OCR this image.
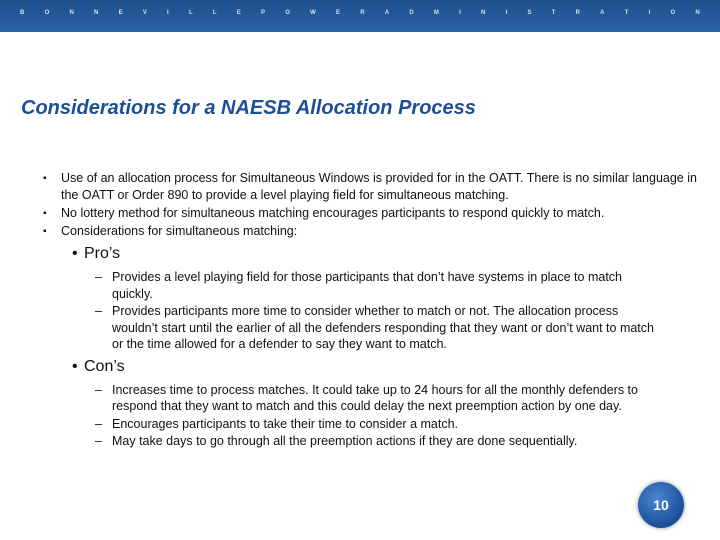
B	O	N	N	E	V	I	L	L	E	P	O	W	E	R	A	D	M	I	N	I	S	T	R	A	T	I	O	N
Considerations for a NAESB Allocation Process
▪ Use of an allocation process for Simultaneous Windows is provided for in the OATT. There is no similar language in the OATT or Order 890 to provide a level playing field for simultaneous matching.
▪ No lottery method for simultaneous matching encourages participants to respond quickly to match.
▪ Considerations for simultaneous matching:
• Pro’s
– Provides a level playing field for those participants that don’t have systems in place to match quickly.
– Provides participants more time to consider whether to match or not. The allocation process wouldn’t start until the earlier of all the defenders responding that they want or don’t want to match or the time allowed for a defender to say they want to match.
• Con’s
– Increases time to process matches. It could take up to 24 hours for all the monthly defenders to respond that they want to match and this could delay the next preemption action by one day.
– Encourages participants to take their time to consider a match.
– May take days to go through all the preemption actions if they are done sequentially.
10
